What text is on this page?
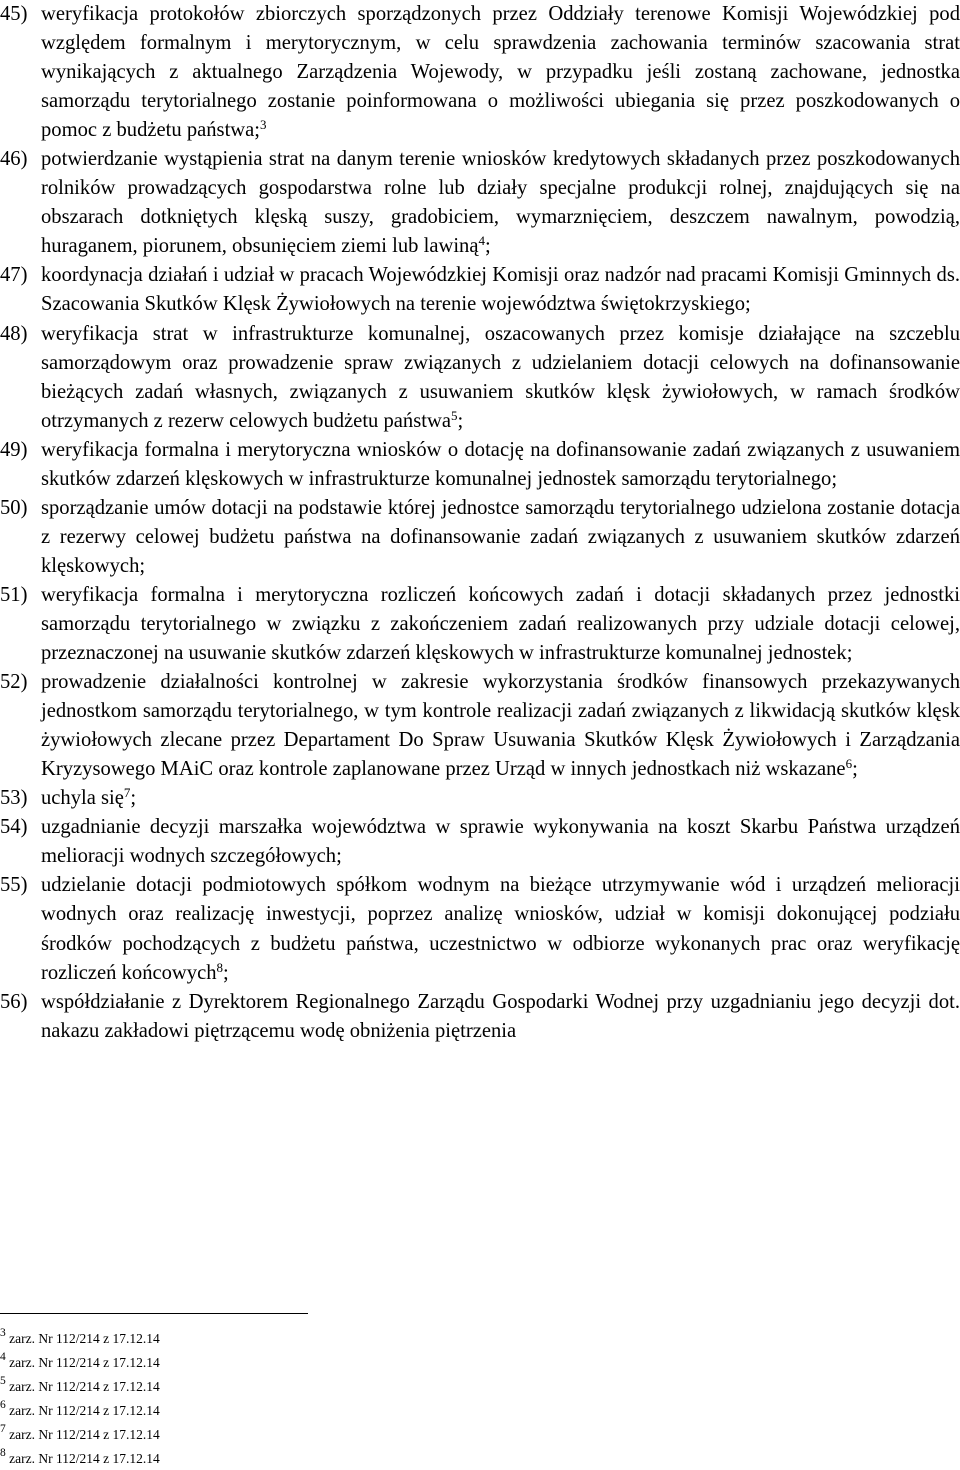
45) weryfikacja protokołów zbiorczych sporządzonych przez Oddziały terenowe Komisji Wojewódzkiej pod względem formalnym i merytorycznym, w celu sprawdzenia zachowania terminów szacowania strat wynikających z aktualnego Zarządzenia Wojewody, w przypadku jeśli zostaną zachowane, jednostka samorządu terytorialnego zostanie poinformowana o możliwości ubiegania się przez poszkodowanych o pomoc z budżetu państwa;$^3$
46) potwierdzanie wystąpienia strat na danym terenie wniosków kredytowych składanych przez poszkodowanych rolników prowadzących gospodarstwa rolne lub działy specjalne produkcji rolnej, znajdujących się na obszarach dotkniętych klęską suszy, gradobiciem, wymarznięciem, deszczem nawalnym, powodzią, huraganem, piorunem, obsunięciem ziemi lub lawiną$^4$;
47) koordynacja działań i udział w pracach Wojewódzkiej Komisji oraz nadzór nad pracami Komisji Gminnych ds. Szacowania Skutków Klęsk Żywiołowych na terenie województwa świętokrzyskiego;
48) weryfikacja strat w infrastrukturze komunalnej, oszacowanych przez komisje działające na szczeblu samorządowym oraz prowadzenie spraw związanych z udzielaniem dotacji celowych na dofinansowanie bieżących zadań własnych, związanych z usuwaniem skutków klęsk żywiołowych, w ramach środków otrzymanych z rezerw celowych budżetu państwa$^5$;
49) weryfikacja formalna i merytoryczna wniosków o dotację na dofinansowanie zadań związanych z usuwaniem skutków zdarzeń klęskowych w infrastrukturze komunalnej jednostek samorządu terytorialnego;
50) sporządzanie umów dotacji na podstawie której jednostce samorządu terytorialnego udzielona zostanie dotacja z rezerwy celowej budżetu państwa na dofinansowanie zadań związanych z usuwaniem skutków zdarzeń klęskowych;
51) weryfikacja formalna i merytoryczna rozliczeń końcowych zadań i dotacji składanych przez jednostki samorządu terytorialnego w związku z zakończeniem zadań realizowanych przy udziale dotacji celowej, przeznaczonej na usuwanie skutków zdarzeń klęskowych w infrastrukturze komunalnej jednostek;
52) prowadzenie działalności kontrolnej w zakresie wykorzystania środków finansowych przekazywanych jednostkom samorządu terytorialnego, w tym kontrole realizacji zadań związanych z likwidacją skutków klęsk żywiołowych zlecane przez Departament Do Spraw Usuwania Skutków Klęsk Żywiołowych i Zarządzania Kryzysowego MAiC oraz kontrole zaplanowane przez Urząd w innych jednostkach niż wskazane$^6$;
53) uchyla się$^7$;
54) uzgadnianie decyzji marszałka województwa w sprawie wykonywania na koszt Skarbu Państwa urządzeń melioracji wodnych szczegółowych;
55) udzielanie dotacji podmiotowych spółkom wodnym na bieżące utrzymywanie wód i urządzeń melioracji wodnych oraz realizację inwestycji, poprzez analizę wniosków, udział w komisji dokonującej podziału środków pochodzących z budżetu państwa, uczestnictwo w odbiorze wykonanych prac oraz weryfikację rozliczeń końcowych$^8$;
56) współdziałanie z Dyrektorem Regionalnego Zarządu Gospodarki Wodnej przy uzgadnianiu jego decyzji dot. nakazu zakładowi piętrzącemu wodę obniżenia piętrzenia
3 zarz. Nr 112/214 z 17.12.14
4 zarz. Nr 112/214 z 17.12.14
5 zarz. Nr 112/214 z 17.12.14
6 zarz. Nr 112/214 z 17.12.14
7 zarz. Nr 112/214 z 17.12.14
8 zarz. Nr 112/214 z 17.12.14
